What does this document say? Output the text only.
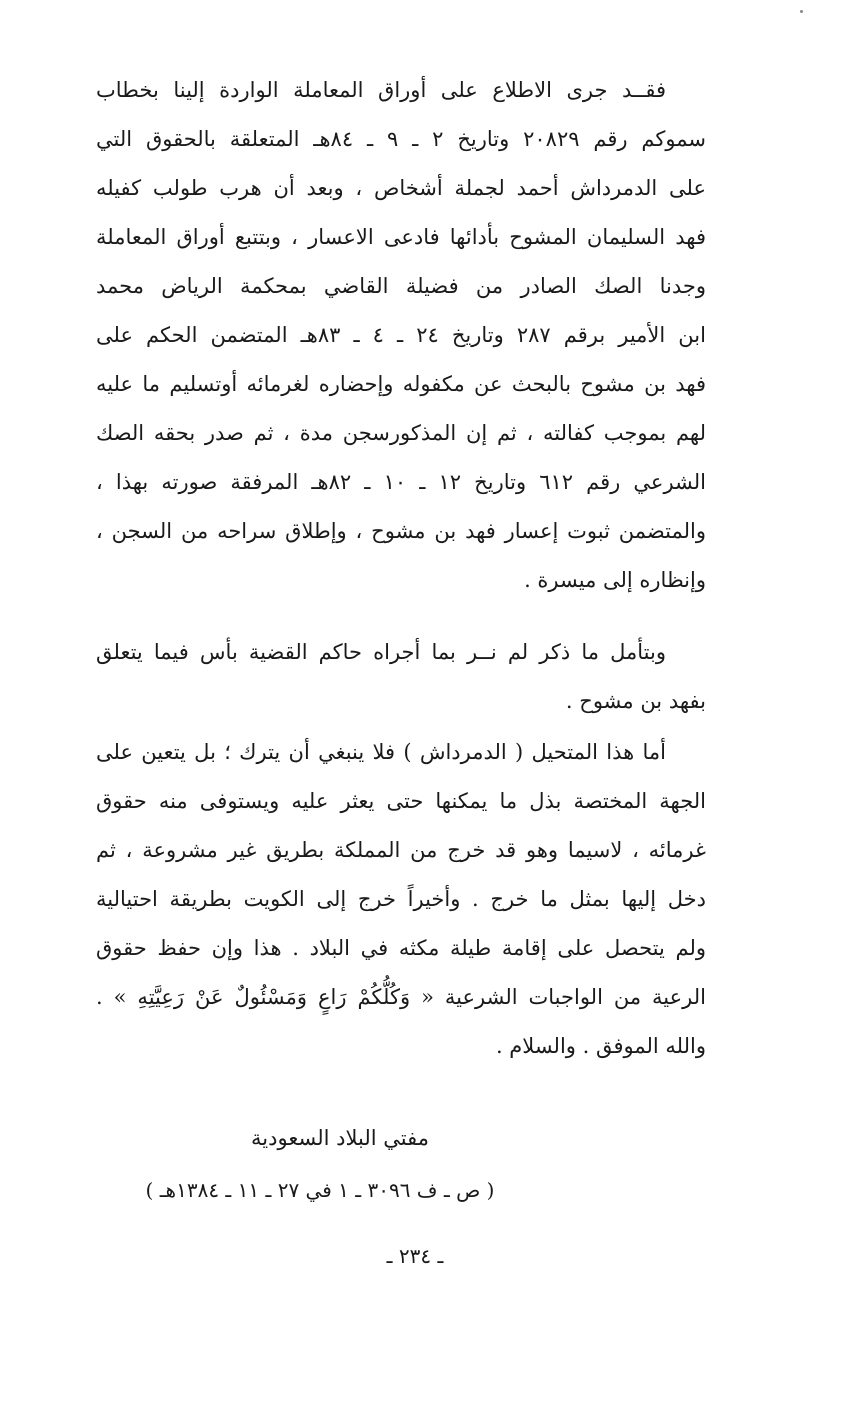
فقــد جرى الاطلاع على أوراق المعاملة الواردة إلينا بخطاب
سموكم رقم ٢٠٨٢٩ وتاريخ ٢ ـ ٩ ـ ٨٤هـ المتعلقة بالحقوق التي
على الدمرداش أحمد لجملة أشخاص ، وبعد أن هرب طولب كفيله
فهد السليمان المشوح بأدائها فادعى الاعسار ، وبتتبع أوراق المعاملة
وجدنا الصك الصادر من فضيلة القاضي بمحكمة الرياض محمد
ابن الأمير برقم ٢٨٧ وتاريخ ٢٤ ـ ٤ ـ ٨٣هـ المتضمن الحكم على
فهد بن مشوح بالبحث عن مكفوله وإحضاره لغرمائه أوتسليم ما عليه
لهم بموجب كفالته ، ثم إن المذكورسجن مدة ، ثم صدر بحقه الصك
الشرعي رقم ٦١٢ وتاريخ ١٢ ـ ١٠ ـ ٨٢هـ المرفقة صورته بهذا ،
والمتضمن ثبوت إعسار فهد بن مشوح ، وإطلاق سراحه من السجن ،
وإنظاره إلى ميسرة .
وبتأمل ما ذكر لم نــر بما أجراه حاكم القضية بأس فيما يتعلق
بفهد بن مشوح .
أما هذا المتحيل ( الدمرداش ) فلا ينبغي أن يترك ؛ بل يتعين على
الجهة المختصة بذل ما يمكنها حتى يعثر عليه ويستوفى منه حقوق
غرمائه ، لاسيما وهو قد خرج من المملكة بطريق غير مشروعة ، ثم
دخل إليها بمثل ما خرج . وأخيراً خرج إلى الكويت بطريقة احتيالية
ولم يتحصل على إقامة طيلة مكثه في البلاد . هذا وإن حفظ حقوق
الرعية من الواجبات الشرعية « وَكُلُّكُمْ رَاعٍ وَمَسْئُولٌ عَنْ رَعِيَّتِهِ » .
والله الموفق . والسلام .
مفتي البلاد السعودية
( ص ـ ف ٣٠٩٦ ـ ١ في ٢٧ ـ ١١ ـ ١٣٨٤هـ )
ـ ٢٣٤ ـ
